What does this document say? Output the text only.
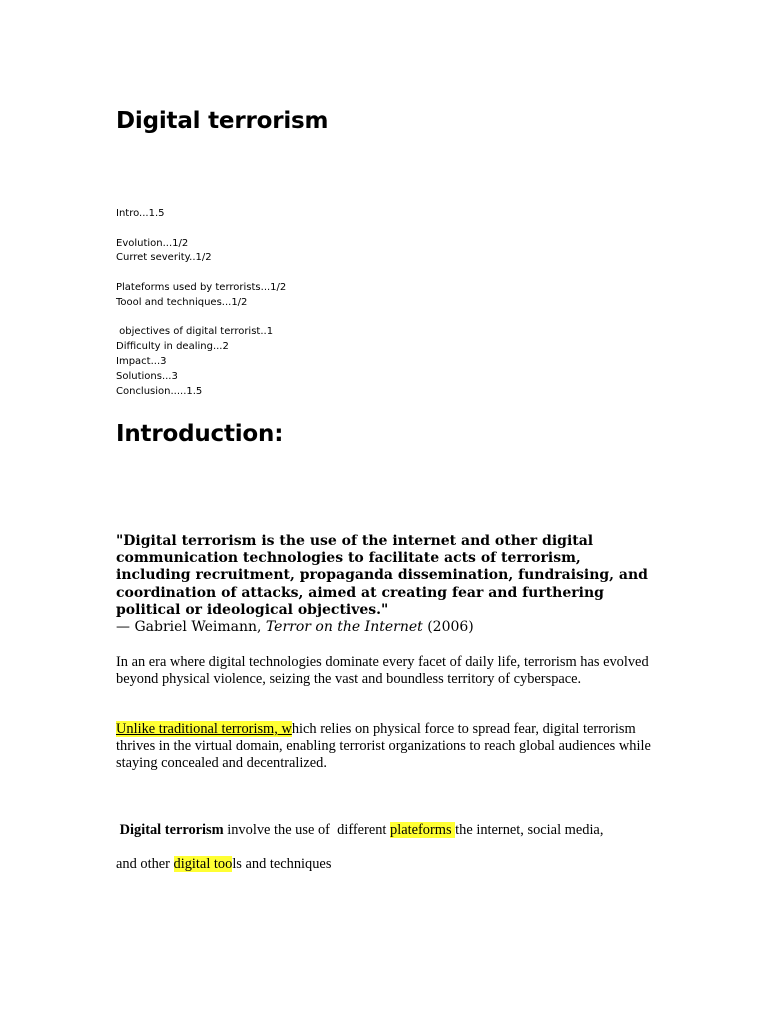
Digital terrorism
Intro...1.5
Evolution...1/2
Curret severity..1/2
Plateforms used by terrorists...1/2
Toool and techniques...1/2
objectives of digital terrorist..1
Difficulty in dealing...2
Impact...3
Solutions...3
Conclusion.....1.5
Introduction:

"Digital terrorism is the use of the internet and other digital communication technologies to facilitate acts of terrorism, including recruitment, propaganda dissemination, fundraising, and coordination of attacks, aimed at creating fear and furthering political or ideological objectives."

— Gabriel Weimann, Terror on the Internet (2006)

In an era where digital technologies dominate every facet of daily life, terrorism has evolved beyond physical violence, seizing the vast and boundless territory of cyberspace.

Unlike traditional terrorism, which relies on physical force to spread fear, digital terrorism thrives in the virtual domain, enabling terrorist organizations to reach global audiences while staying concealed and decentralized.

Digital terrorism involve the use of  different plateforms the internet, social media,

and other digital tools and techniques
